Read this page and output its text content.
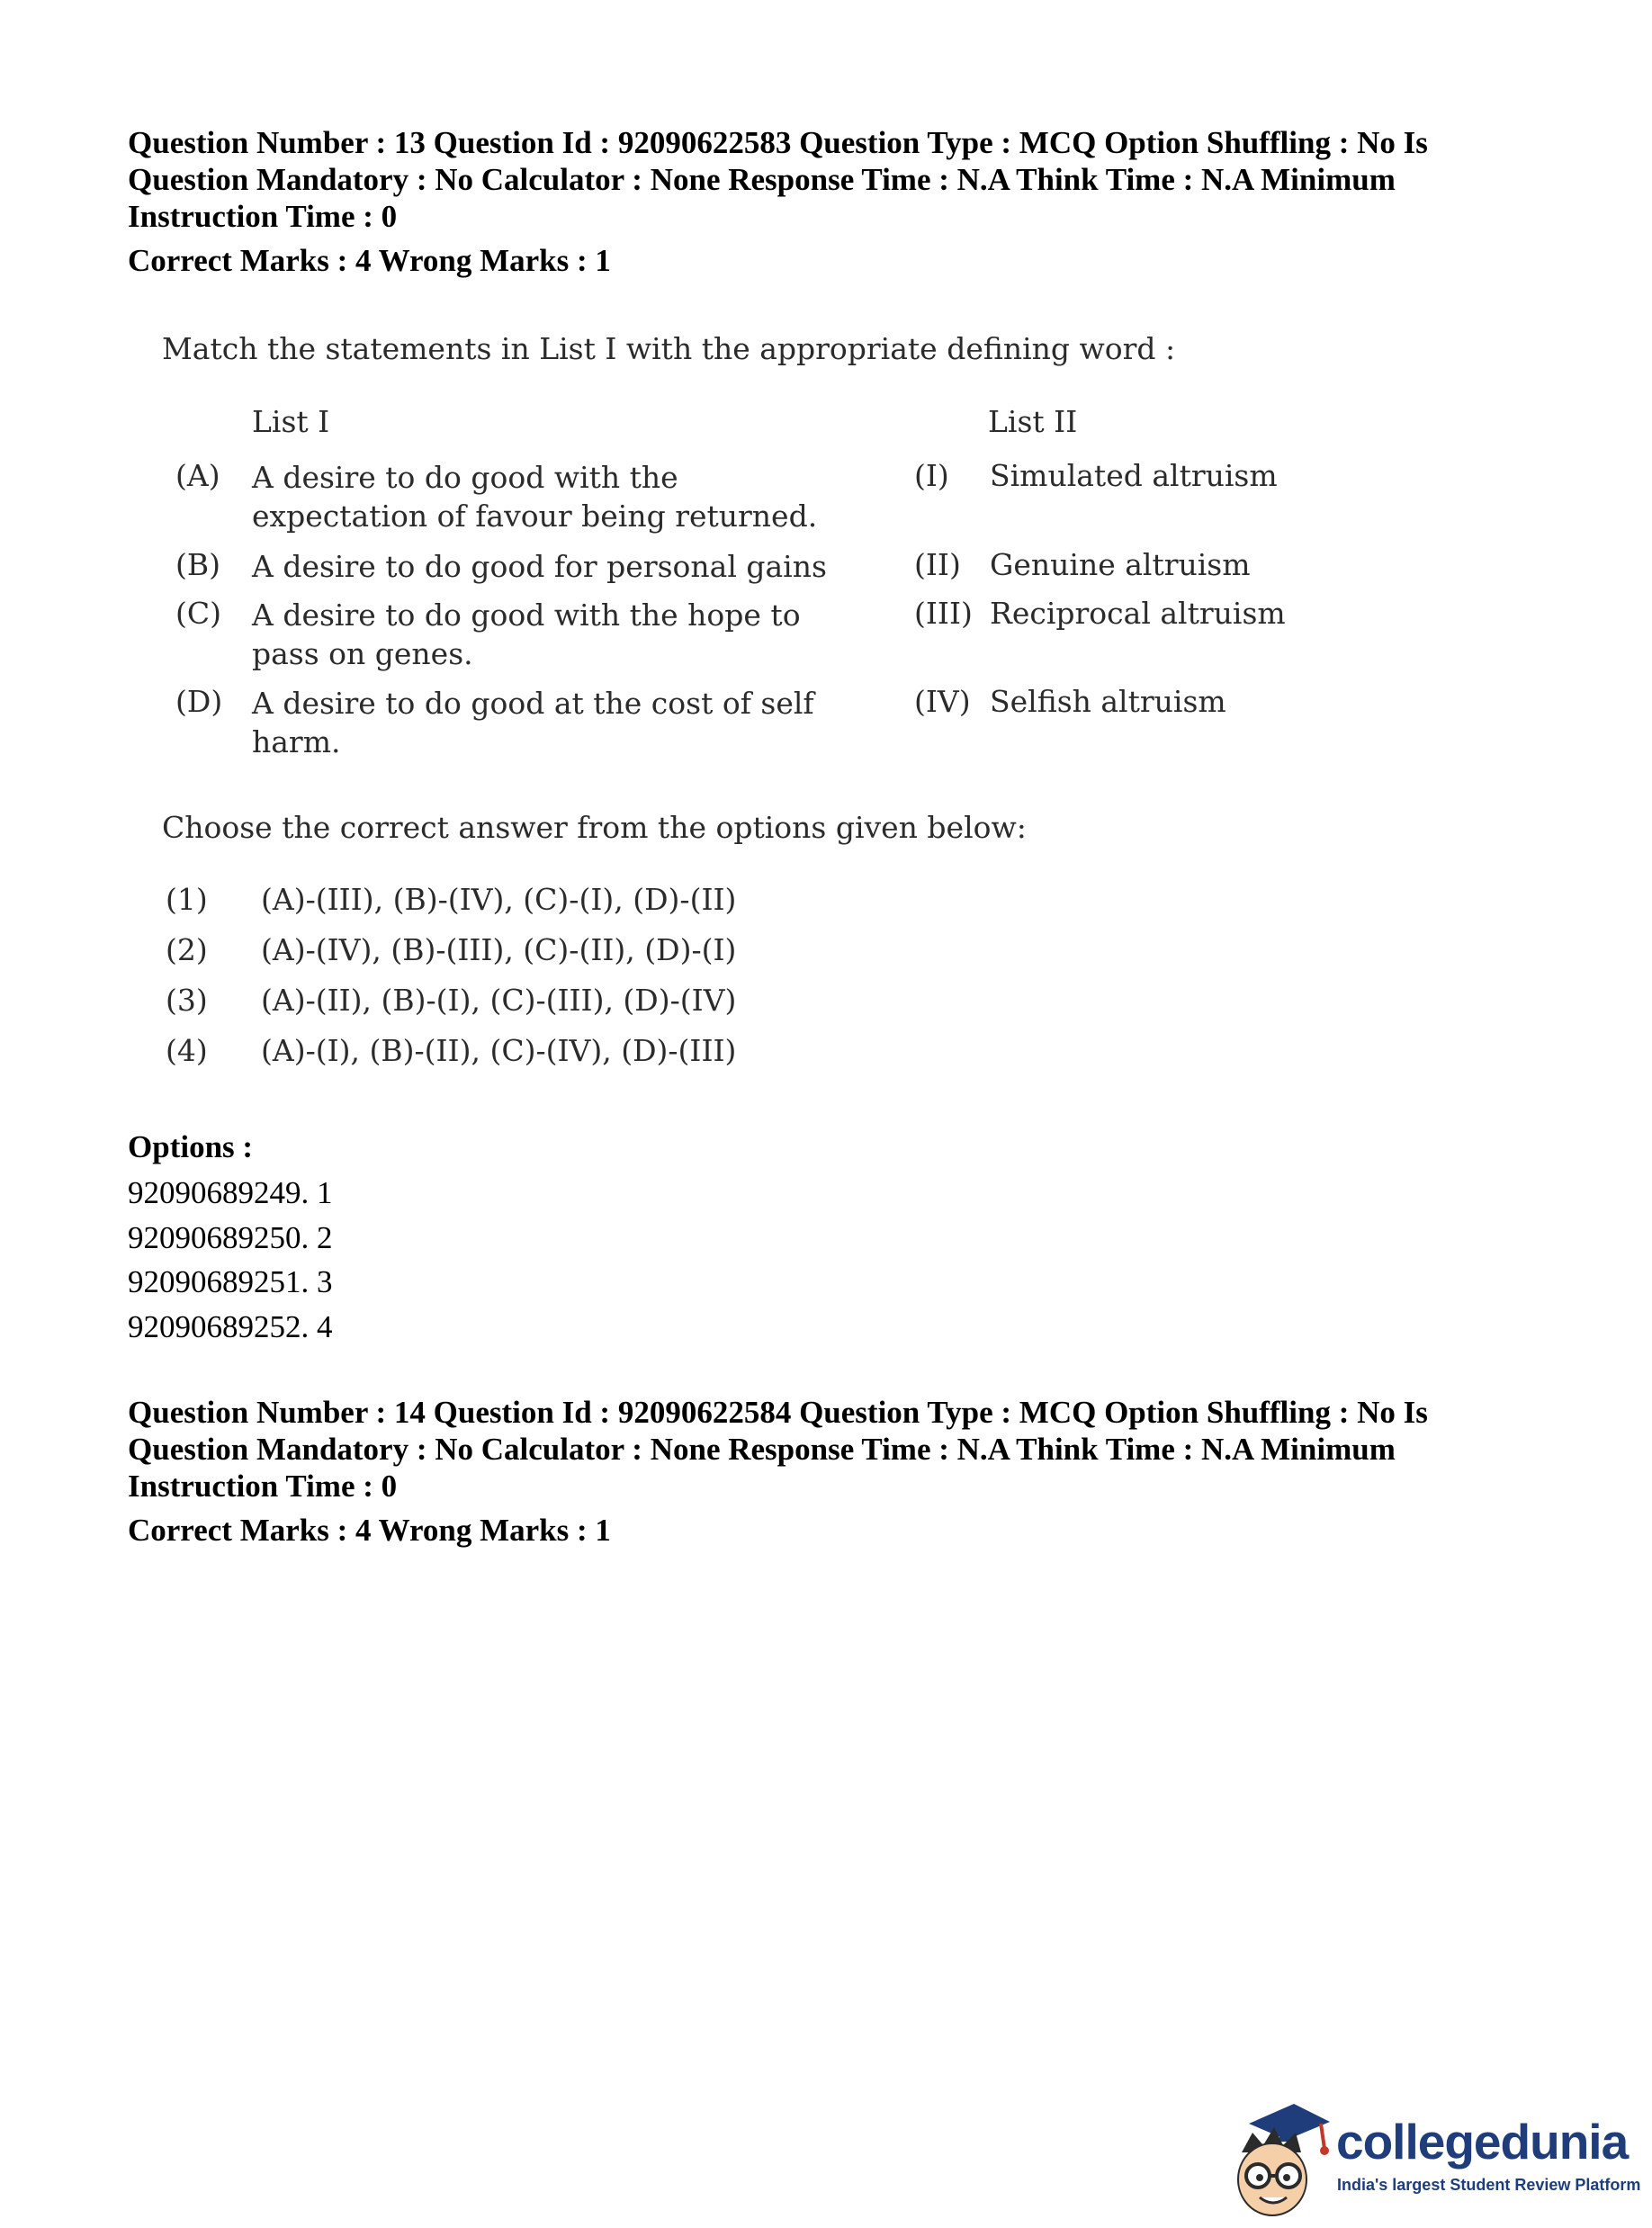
Question Number : 13 Question Id : 92090622583 Question Type : MCQ Option Shuffling : No Is

Question Mandatory : No Calculator : None Response Time : N.A Think Time : N.A Minimum

Instruction Time : 0

Correct Marks : 4 Wrong Marks : 1

Match the statements in List I with the appropriate defining word :
List I	List II
(A) A desire to do good with the expectation of favour being returned.
(I) Simulated altruism
(B) A desire to do good for personal gains	(II) Genuine altruism
(C) A desire to do good with the hope to pass on genes.
(III) Reciprocal altruism
(D) A desire to do good at the cost of self harm.
(IV) Selfish altruism
Choose the correct answer from the options given below:
(1) (A)-(III), (B)-(IV), (C)-(I), (D)-(II)
(2) (A)-(IV), (B)-(III), (C)-(II), (D)-(I)
(3) (A)-(II), (B)-(I), (C)-(III), (D)-(IV)
(4) (A)-(I), (B)-(II), (C)-(IV), (D)-(III)

Options :

92090689249. 1

92090689250. 2

92090689251. 3

92090689252. 4

Question Number : 14 Question Id : 92090622584 Question Type : MCQ Option Shuffling : No Is

Question Mandatory : No Calculator : None Response Time : N.A Think Time : N.A Minimum

Instruction Time : 0

Correct Marks : 4 Wrong Marks : 1

collegedunia
India's largest Student Review Platform
